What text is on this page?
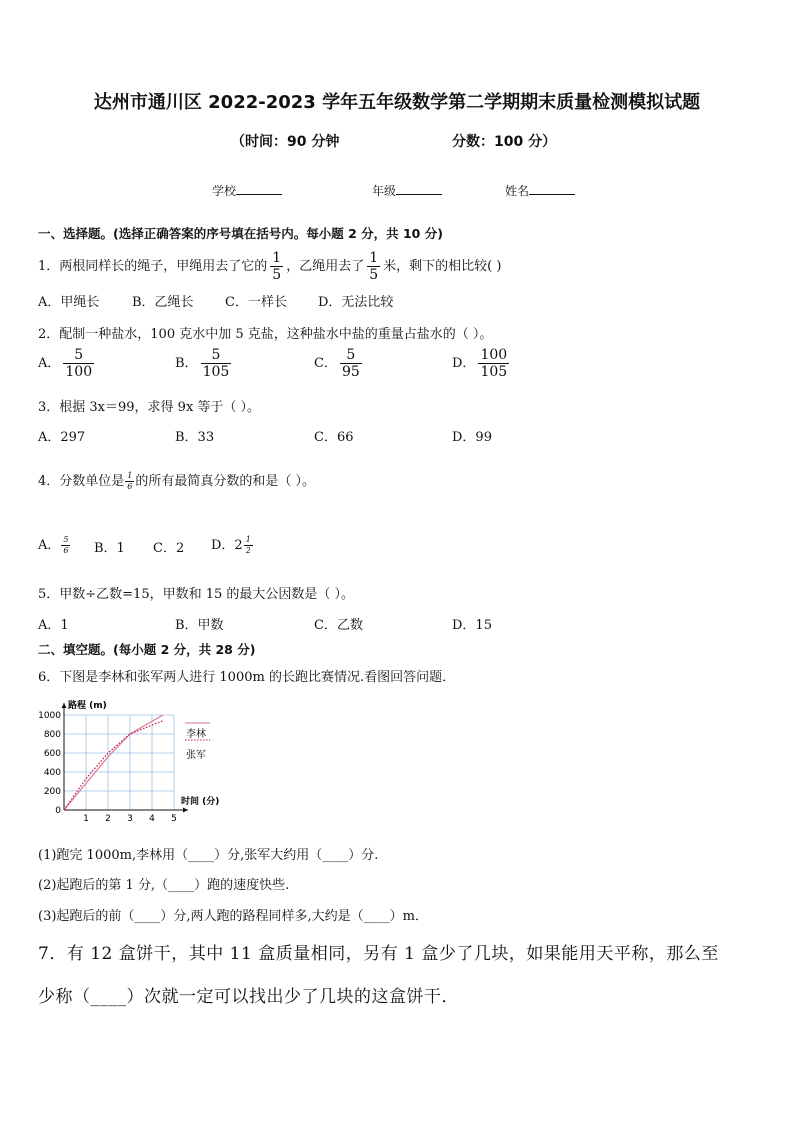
达州市通川区 2022-2023 学年五年级数学第二学期期末质量检测模拟试题
（时间：90 分钟	分数：100 分）
学校	年级	姓名
一、选择题。(选择正确答案的序号填在括号内。每小题 2 分，共 10 分)
1．两根同样长的绳子，甲绳用去了它的 $\frac{1}{5}$ ，乙绳用去了 $\frac{1}{5}$ 米，剩下的相比较( )
A．甲绳长	B．乙绳长 C．一样长 D．无法比较
2．配制一种盐水，100 克水中加 5 克盐，这种盐水中盐的重量占盐水的（ ）。
A． $\frac{5}{100}$	B． $\frac{5}{105}$	C． $\frac{5}{95}$	D． $\frac{100}{105}$
3．根据 3x＝99，求得 9x 等于（ ）。
A．297	B．33	C．66	D．99
4．分数单位是 $\frac{1}{6}$ 的所有最简真分数的和是（ ）。
A． $\frac{5}{6}$ B．1 C．2 D．$2 \frac{1}{2}$
5．甲数÷乙数=15，甲数和 15 的最大公因数是（ ）。
A．1	B．甲数	C．乙数	D．15
二、填空题。(每小题 2 分，共 28 分)
6．下图是李林和张军两人进行 1000m 的长跑比赛情况.看图回答问题．
1 2 3 4 5
0
200
400
600
800
1000
路程 (m)
时间 (分)
李林
张军
(1)跑完 1000m,李林用（____）分,张军大约用（____）分.
(2)起跑后的第 1 分,（____）跑的速度快些.
(3)起跑后的前（____）分,两人跑的路程同样多,大约是（____）m．
7．有 12 盒饼干，其中 11 盒质量相同，另有 1 盒少了几块，如果能用天平称，那么至
少称（____）次就一定可以找出少了几块的这盒饼干．
